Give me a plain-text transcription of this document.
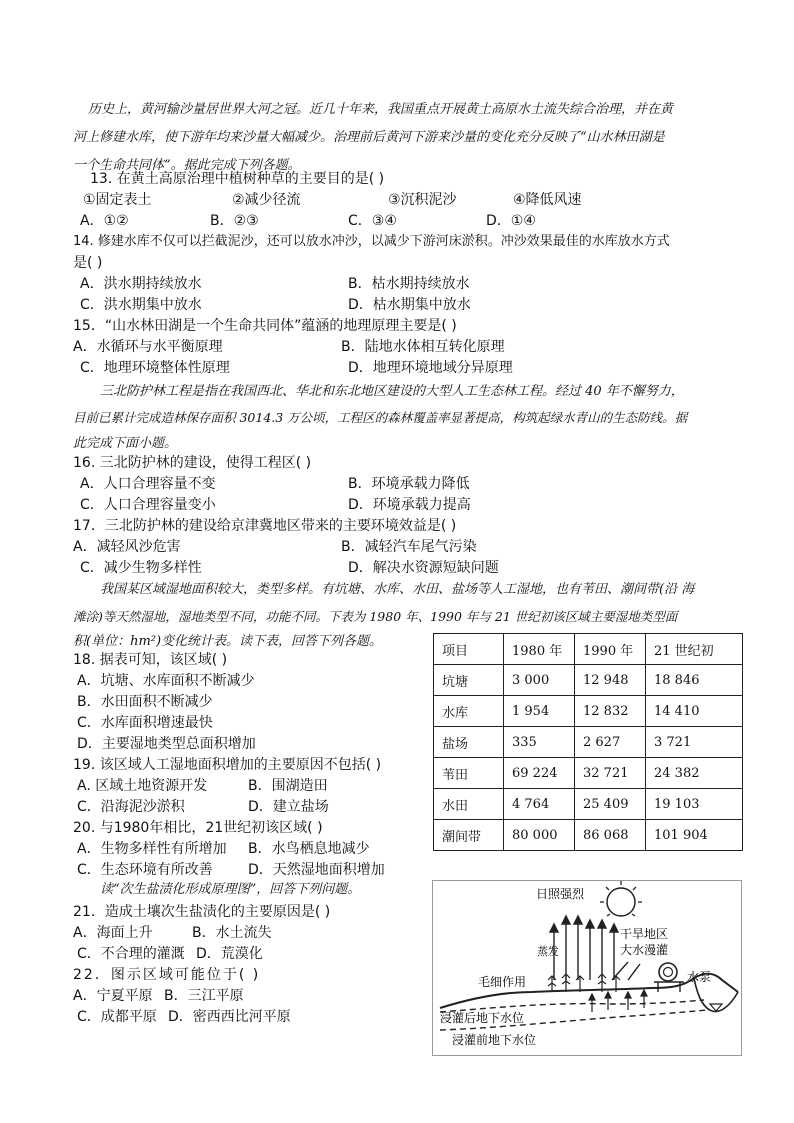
历史上，黄河输沙量居世界大河之冠。近几十年来，我国重点开展黄土高原水土流失综合治理，并在黄
河上修建水库，使下游年均来沙量大幅减少。治理前后黄河下游来沙量的变化充分反映了“山水林田湖是
一个生命共同体”。据此完成下列各题。
13. 在黄土高原治理中植树种草的主要目的是( )
①固定表土	②减少径流	③沉积泥沙	④降低风速
A．①②	B．②③	C．③④	D．①④
14. 修建水库不仅可以拦截泥沙，还可以放水冲沙，以减少下游河床淤积。冲沙效果最佳的水库放水方式
是( )
A．洪水期持续放水	B．枯水期持续放水
C．洪水期集中放水	D．枯水期集中放水
15．“山水林田湖是一个生命共同体”蕴涵的地理原理主要是( )
A．水循环与水平衡原理	B．陆地水体相互转化原理
C．地理环境整体性原理	D．地理环境地域分异原理
三北防护林工程是指在我国西北、华北和东北地区建设的大型人工生态林工程。经过 40 年不懈努力，
目前已累计完成造林保存面积 3014.3 万公顷，工程区的森林覆盖率显著提高，构筑起绿水青山的生态防线。据
此完成下面小题。
16. 三北防护林的建设，使得工程区( )
A．人口合理容量不变	B．环境承载力降低
C．人口合理容量变小	D．环境承载力提高
17．三北防护林的建设给京津冀地区带来的主要环境效益是( )
A．减轻风沙危害	B．减轻汽车尾气污染
C．减少生物多样性	D．解决水资源短缺问题
我国某区域湿地面积较大，类型多样。有坑塘、水库、水田、盐场等人工湿地，也有苇田、潮间带(沿 海
滩涂)等天然湿地，湿地类型不同，功能不同。下表为 1980 年、1990 年与 21 世纪初该区域主要湿地类型面
积(单位：hm²)变化统计表。读下表，回答下列各题。
项目	1980 年	1990 年	21 世纪初
坑塘	3 000	12 948	18 846
水库	1 954	12 832	14 410
盐场	335	2 627	3 721
苇田	69 224	32 721	24 382
水田	4 764	25 409	19 103
潮间带	80 000	86 068	101 904
18. 据表可知，该区域( )
A．坑塘、水库面积不断减少
B．水田面积不断减少
C．水库面积增速最快
D．主要湿地类型总面积增加
19. 该区域人工湿地面积增加的主要原因不包括( )
A. 区域土地资源开发	B．围湖造田
C．沿海泥沙淤积	D．建立盐场
20. 与1980年相比，21世纪初该区域( )
A．生物多样性有所增加 B．水鸟栖息地减少
C．生态环境有所改善	D．天然湿地面积增加
读“次生盐渍化形成原理图”，回答下列问题。
21．造成土壤次生盐渍化的主要原因是( )
A．海面上升	B．水土流失
C．不合理的灌溉 D．荒漠化
22．图示区域可能位于( )
A．宁夏平原 B．三江平原
C．成都平原 D．密西西比河平原
日照强烈
干旱地区
大水漫灌
蒸发
毛细作用	水泵
浸灌后地下水位
浸灌前地下水位
